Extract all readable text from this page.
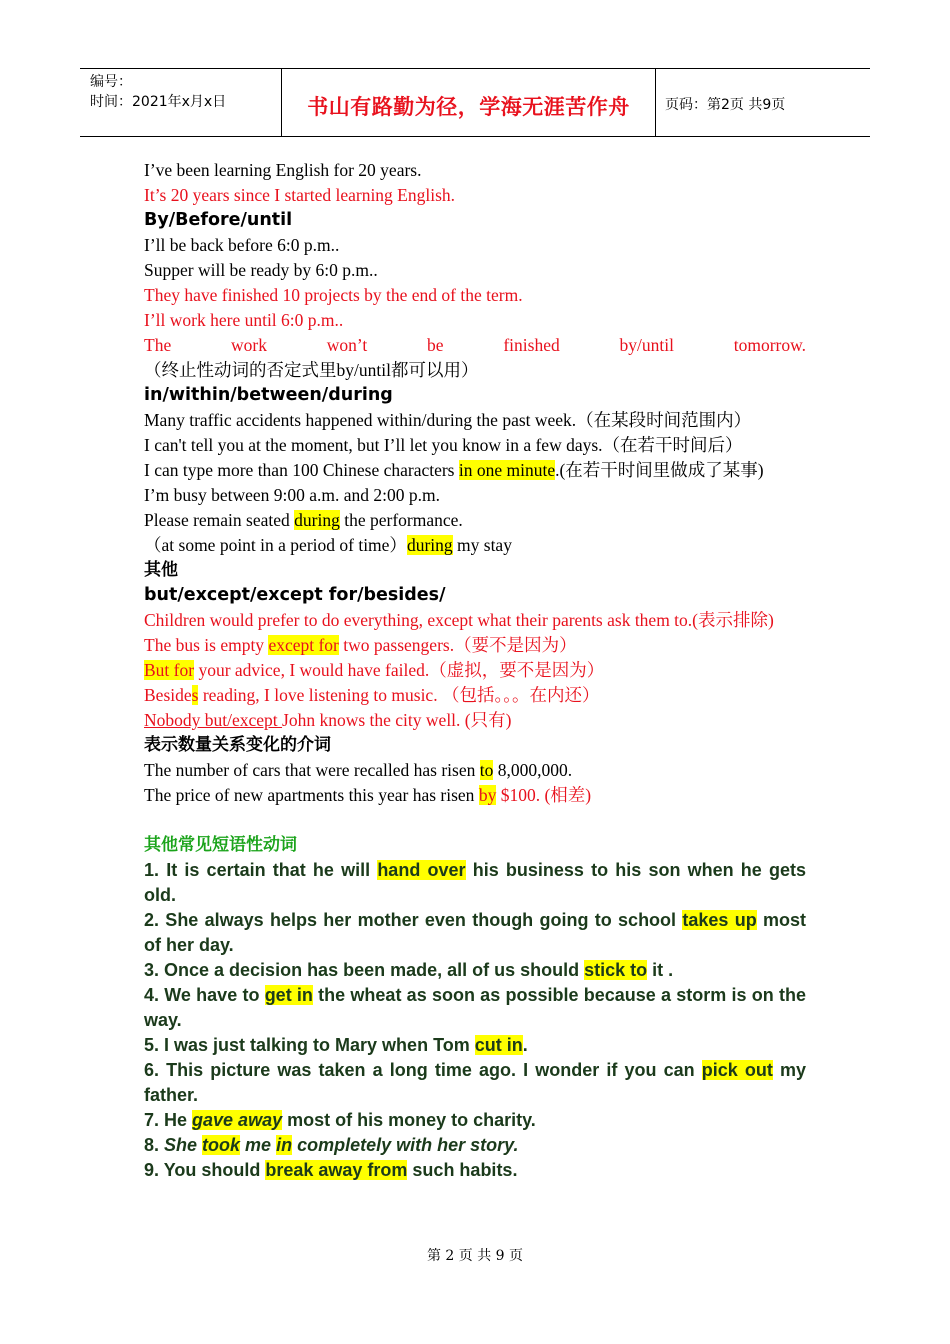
编号：
时间：2021年x月x日	书山有路勤为径，学海无涯苦作舟	页码：第2页 共9页
I’ve been learning English for 20 years.
It’s 20 years since I started learning English.
By/Before/until
I’ll be back before 6:0 p.m..
Supper will be ready by 6:0 p.m..
They have finished 10 projects by the end of the term.
I’ll work here until 6:0 p.m..
The work won’t be finished by/until tomorrow.（终止性动词的否定式里by/until都可以用）
in/within/between/during
Many traffic accidents happened within/during the past week.（在某段时间范围内）
I can't tell you at the moment, but I’ll let you know in a few days.（在若干时间后）
I can type more than 100 Chinese characters in one minute.(在若干时间里做成了某事)
I’m busy between 9:00 a.m. and 2:00 p.m.
Please remain seated during the performance.
（at some point in a period of time）during my stay
其他
but/except/except for/besides/
Children would prefer to do everything, except what their parents ask them to.(表示排除)
The bus is empty except for two passengers.（要不是因为）
But for your advice, I would have failed.（虚拟，要不是因为）
Besides reading, I love listening to music. （包括。。。在内还）
Nobody but/except John knows the city well. (只有)
表示数量关系变化的介词
The number of cars that were recalled has risen to 8,000,000.
The price of new apartments this year has risen by $100. (相差)
其他常见短语性动词
1. It is certain that he will hand over his business to his son when he gets old.
2. She always helps her mother even though going to school takes up most of her day.
3. Once a decision has been made, all of us should stick to it .
4. We have to get in the wheat as soon as possible because a storm is on the way.
5. I was just talking to Mary when Tom cut in.
6. This picture was taken a long time ago. I wonder if you can pick out my father.
7. He gave away most of his money to charity.
8. She took me in completely with her story.
9. You should break away from such habits.
第 2 页 共 9 页
